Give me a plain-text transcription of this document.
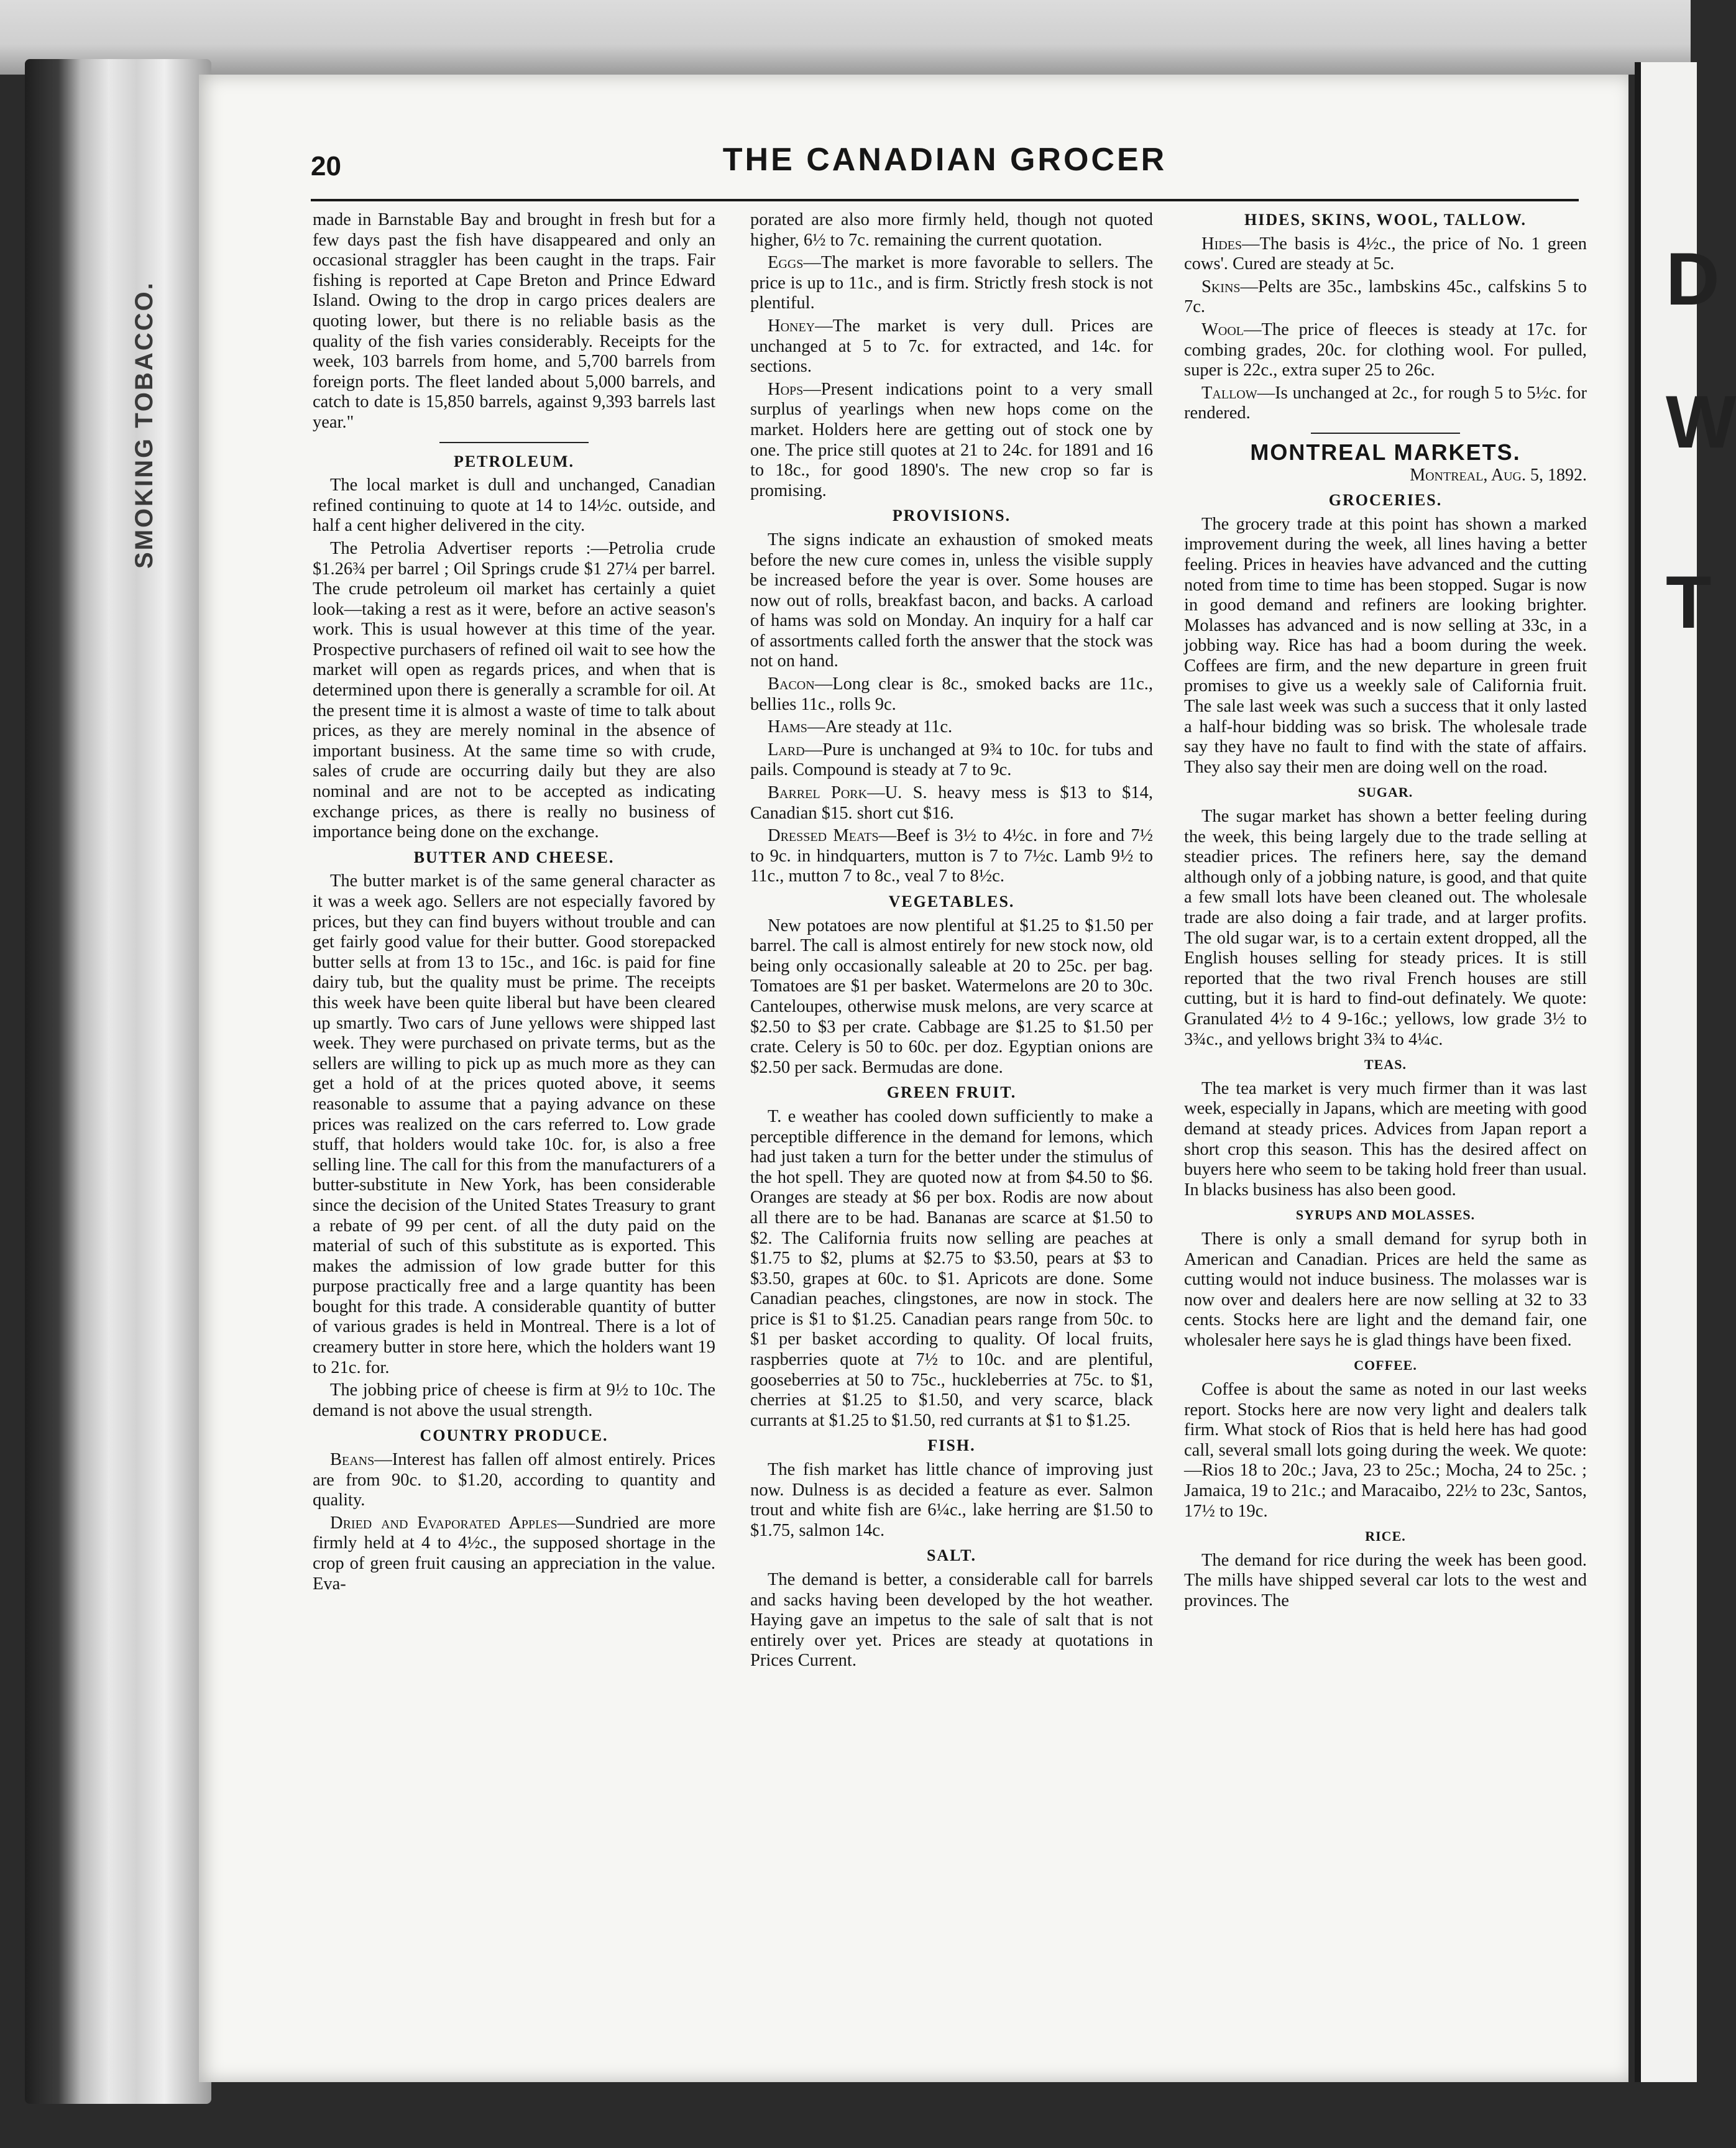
SMOKING TOBACCO.
D
W
T
20	THE CANADIAN GROCER

made in Barnstable Bay and brought in fresh but for a few days past the fish have disappeared and only an occasional straggler has been caught in the traps. Fair fishing is reported at Cape Breton and Prince Edward Island. Owing to the drop in cargo prices dealers are quoting lower, but there is no reliable basis as the quality of the fish varies considerably. Receipts for the week, 103 barrels from home, and 5,700 barrels from foreign ports. The fleet landed about 5,000 barrels, and catch to date is 15,850 barrels, against 9,393 barrels last year."

PETROLEUM.

The local market is dull and unchanged, Canadian refined continuing to quote at 14 to 14½c. outside, and half a cent higher delivered in the city.

The Petrolia Advertiser reports :—Petrolia crude $1.26¾ per barrel ; Oil Springs crude $1 27¼ per barrel. The crude petroleum oil market has certainly a quiet look—taking a rest as it were, before an active season's work. This is usual however at this time of the year. Prospective purchasers of refined oil wait to see how the market will open as regards prices, and when that is determined upon there is generally a scramble for oil. At the present time it is almost a waste of time to talk about prices, as they are merely nominal in the absence of important business. At the same time so with crude, sales of crude are occurring daily but they are also nominal and are not to be accepted as indicating exchange prices, as there is really no business of importance being done on the exchange.

BUTTER AND CHEESE.

The butter market is of the same general character as it was a week ago. Sellers are not especially favored by prices, but they can find buyers without trouble and can get fairly good value for their butter. Good storepacked butter sells at from 13 to 15c., and 16c. is paid for fine dairy tub, but the quality must be prime. The receipts this week have been quite liberal but have been cleared up smartly. Two cars of June yellows were shipped last week. They were purchased on private terms, but as the sellers are willing to pick up as much more as they can get a hold of at the prices quoted above, it seems reasonable to assume that a paying advance on these prices was realized on the cars referred to. Low grade stuff, that holders would take 10c. for, is also a free selling line. The call for this from the manufacturers of a butter-substitute in New York, has been considerable since the decision of the United States Treasury to grant a rebate of 99 per cent. of all the duty paid on the material of such of this substitute as is exported. This makes the admission of low grade butter for this purpose practically free and a large quantity has been bought for this trade. A considerable quantity of butter of various grades is held in Montreal. There is a lot of creamery butter in store here, which the holders want 19 to 21c. for.

The jobbing price of cheese is firm at 9½ to 10c. The demand is not above the usual strength.

COUNTRY PRODUCE.

Beans—Interest has fallen off almost entirely. Prices are from 90c. to $1.20, according to quantity and quality.

Dried and Evaporated Apples—Sundried are more firmly held at 4 to 4½c., the supposed shortage in the crop of green fruit causing an appreciation in the value. Eva-

porated are also more firmly held, though not quoted higher, 6½ to 7c. remaining the current quotation.

Eggs—The market is more favorable to sellers. The price is up to 11c., and is firm. Strictly fresh stock is not plentiful.

Honey—The market is very dull. Prices are unchanged at 5 to 7c. for extracted, and 14c. for sections.

Hops—Present indications point to a very small surplus of yearlings when new hops come on the market. Holders here are getting out of stock one by one. The price still quotes at 21 to 24c. for 1891 and 16 to 18c., for good 1890's. The new crop so far is promising.

PROVISIONS.

The signs indicate an exhaustion of smoked meats before the new cure comes in, unless the visible supply be increased before the year is over. Some houses are now out of rolls, breakfast bacon, and backs. A carload of hams was sold on Monday. An inquiry for a half car of assortments called forth the answer that the stock was not on hand.

Bacon—Long clear is 8c., smoked backs are 11c., bellies 11c., rolls 9c.

Hams—Are steady at 11c.

Lard—Pure is unchanged at 9¾ to 10c. for tubs and pails. Compound is steady at 7 to 9c.

Barrel Pork—U. S. heavy mess is $13 to $14, Canadian $15. short cut $16.

Dressed Meats—Beef is 3½ to 4½c. in fore and 7½ to 9c. in hindquarters, mutton is 7 to 7½c. Lamb 9½ to 11c., mutton 7 to 8c., veal 7 to 8½c.

VEGETABLES.

New potatoes are now plentiful at $1.25 to $1.50 per barrel. The call is almost entirely for new stock now, old being only occasionally saleable at 20 to 25c. per bag. Tomatoes are $1 per basket. Watermelons are 20 to 30c. Canteloupes, otherwise musk melons, are very scarce at $2.50 to $3 per crate. Cabbage are $1.25 to $1.50 per crate. Celery is 50 to 60c. per doz. Egyptian onions are $2.50 per sack. Bermudas are done.

GREEN FRUIT.

T. e weather has cooled down sufficiently to make a perceptible difference in the demand for lemons, which had just taken a turn for the better under the stimulus of the hot spell. They are quoted now at from $4.50 to $6. Oranges are steady at $6 per box. Rodis are now about all there are to be had. Bananas are scarce at $1.50 to $2. The California fruits now selling are peaches at $1.75 to $2, plums at $2.75 to $3.50, pears at $3 to $3.50, grapes at 60c. to $1. Apricots are done. Some Canadian peaches, clingstones, are now in stock. The price is $1 to $1.25. Canadian pears range from 50c. to $1 per basket according to quality. Of local fruits, raspberries quote at 7½ to 10c. and are plentiful, gooseberries at 50 to 75c., huckleberries at 75c. to $1, cherries at $1.25 to $1.50, and very scarce, black currants at $1.25 to $1.50, red currants at $1 to $1.25.

FISH.

The fish market has little chance of improving just now. Dulness is as decided a feature as ever. Salmon trout and white fish are 6¼c., lake herring are $1.50 to $1.75, salmon 14c.

SALT.

The demand is better, a considerable call for barrels and sacks having been developed by the hot weather. Haying gave an impetus to the sale of salt that is not entirely over yet. Prices are steady at quotations in Prices Current.

HIDES, SKINS, WOOL, TALLOW.

Hides—The basis is 4½c., the price of No. 1 green cows'. Cured are steady at 5c.

Skins—Pelts are 35c., lambskins 45c., calfskins 5 to 7c.

Wool—The price of fleeces is steady at 17c. for combing grades, 20c. for clothing wool. For pulled, super is 22c., extra super 25 to 26c.

Tallow—Is unchanged at 2c., for rough 5 to 5½c. for rendered.

MONTREAL MARKETS.
Montreal, Aug. 5, 1892.
GROCERIES.

The grocery trade at this point has shown a marked improvement during the week, all lines having a better feeling. Prices in heavies have advanced and the cutting noted from time to time has been stopped. Sugar is now in good demand and refiners are looking brighter. Molasses has advanced and is now selling at 33c, in a jobbing way. Rice has had a boom during the week. Coffees are firm, and the new departure in green fruit promises to give us a weekly sale of California fruit. The sale last week was such a success that it only lasted a half-hour bidding was so brisk. The wholesale trade say they have no fault to find with the state of affairs. They also say their men are doing well on the road.

SUGAR.

The sugar market has shown a better feeling during the week, this being largely due to the trade selling at steadier prices. The refiners here, say the demand although only of a jobbing nature, is good, and that quite a few small lots have been cleaned out. The wholesale trade are also doing a fair trade, and at larger profits. The old sugar war, is to a certain extent dropped, all the English houses selling for steady prices. It is still reported that the two rival French houses are still cutting, but it is hard to find-out definately. We quote: Granulated 4½ to 4 9-16c.; yellows, low grade 3½ to 3¾c., and yellows bright 3¾ to 4¼c.

TEAS.

The tea market is very much firmer than it was last week, especially in Japans, which are meeting with good demand at steady prices. Advices from Japan report a short crop this season. This has the desired affect on buyers here who seem to be taking hold freer than usual. In blacks business has also been good.

SYRUPS AND MOLASSES.

There is only a small demand for syrup both in American and Canadian. Prices are held the same as cutting would not induce business. The molasses war is now over and dealers here are now selling at 32 to 33 cents. Stocks here are light and the demand fair, one wholesaler here says he is glad things have been fixed.

COFFEE.

Coffee is about the same as noted in our last weeks report. Stocks here are now very light and dealers talk firm. What stock of Rios that is held here has had good call, several small lots going during the week. We quote:—Rios 18 to 20c.; Java, 23 to 25c.; Mocha, 24 to 25c. ; Jamaica, 19 to 21c.; and Maracaibo, 22½ to 23c, Santos, 17½ to 19c.

RICE.

The demand for rice during the week has been good. The mills have shipped several car lots to the west and provinces. The
